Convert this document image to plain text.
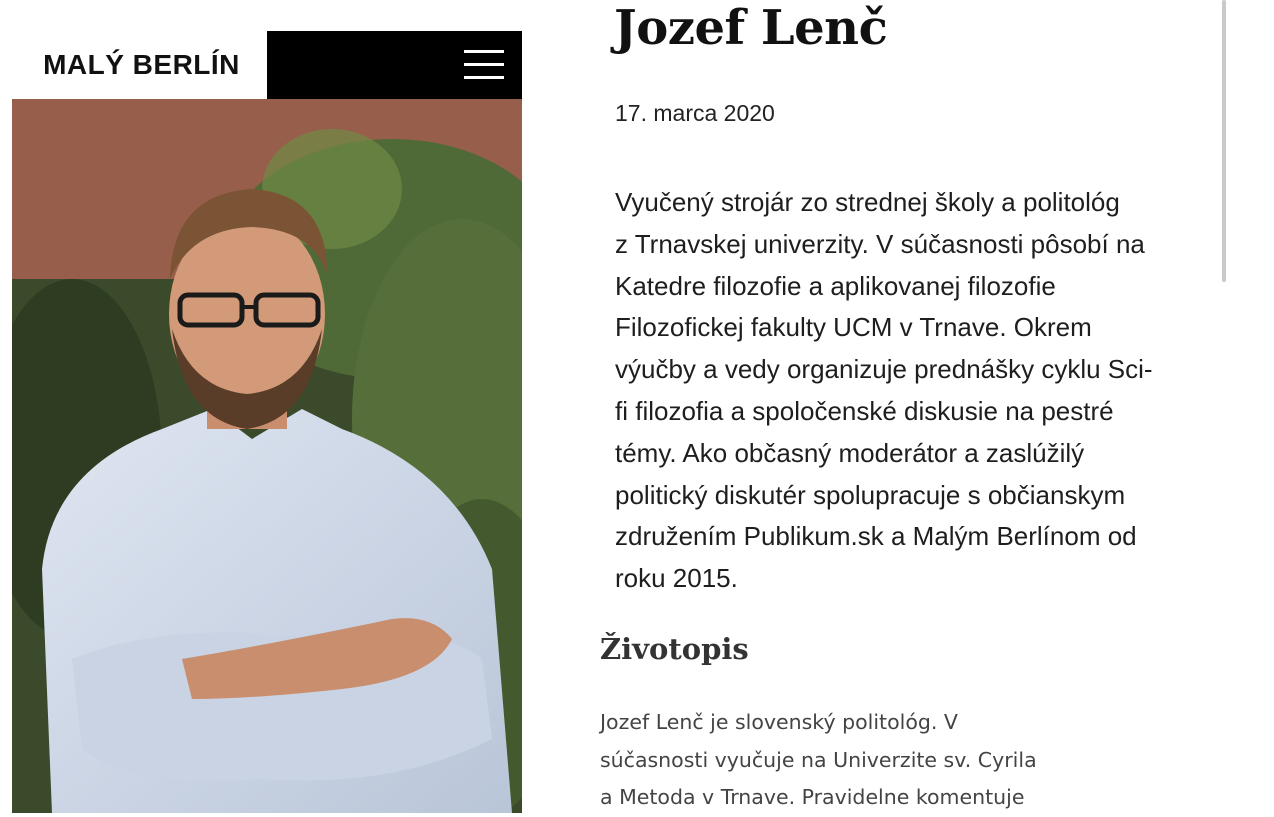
MALÝ BERLÍN
Jozef Lenč
17. marca 2020

Vyučený strojár zo strednej školy a politológ
z Trnavskej univerzity. V súčasnosti pôsobí na
Katedre filozofie a aplikovanej filozofie
Filozofickej fakulty UCM v Trnave. Okrem
výučby a vedy organizuje prednášky cyklu Sci-
fi filozofia a spoločenské diskusie na pestré
témy. Ako občasný moderátor a zaslúžilý
politický diskutér spolupracuje s občianskym
združením Publikum.sk a Malým Berlínom od
roku 2015.

Životopis

Jozef Lenč je slovenský politológ. V
súčasnosti vyučuje na Univerzite sv. Cyrila
a Metoda v Trnave. Pravidelne komentuje
